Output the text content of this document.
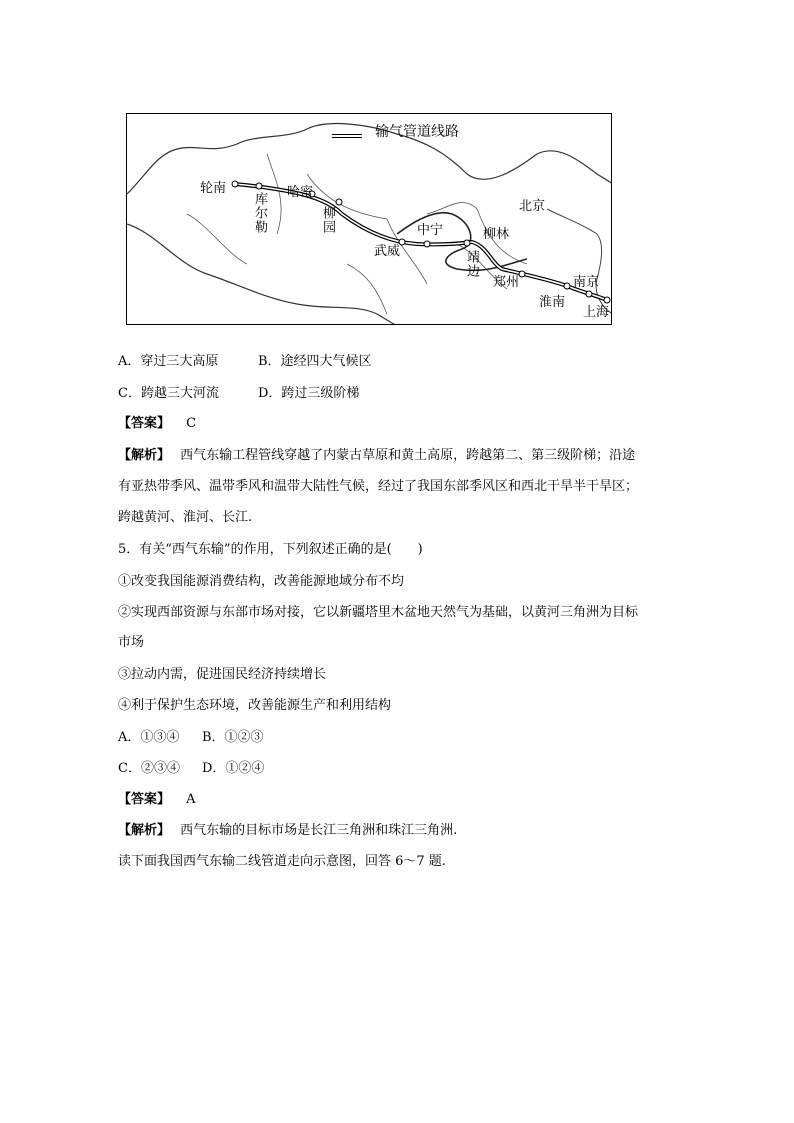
输气管道线路
轮南
库尔勒 哈密
柳园
武威
中宁
靖边
柳林
北京
郑州
淮南
南京
上海
A．穿过三大高原	B．途经四大气候区
C．跨越三大河流	D．跨过三级阶梯
【答案】 C
【解析】 西气东输工程管线穿越了内蒙古草原和黄土高原，跨越第二、第三级阶梯；沿途
有亚热带季风、温带季风和温带大陆性气候，经过了我国东部季风区和西北干旱半干旱区；
跨越黄河、淮河、长江.
5．有关“西气东输”的作用，下列叙述正确的是(　　)
①改变我国能源消费结构，改善能源地域分布不均
②实现西部资源与东部市场对接，它以新疆塔里木盆地天然气为基础，以黄河三角洲为目标
市场
③拉动内需，促进国民经济持续增长
④利于保护生态环境，改善能源生产和利用结构
A．①③④ B．①②③
C．②③④ D．①②④
【答案】 A
【解析】 西气东输的目标市场是长江三角洲和珠江三角洲.
读下面我国西气东输二线管道走向示意图，回答 6～7 题.
